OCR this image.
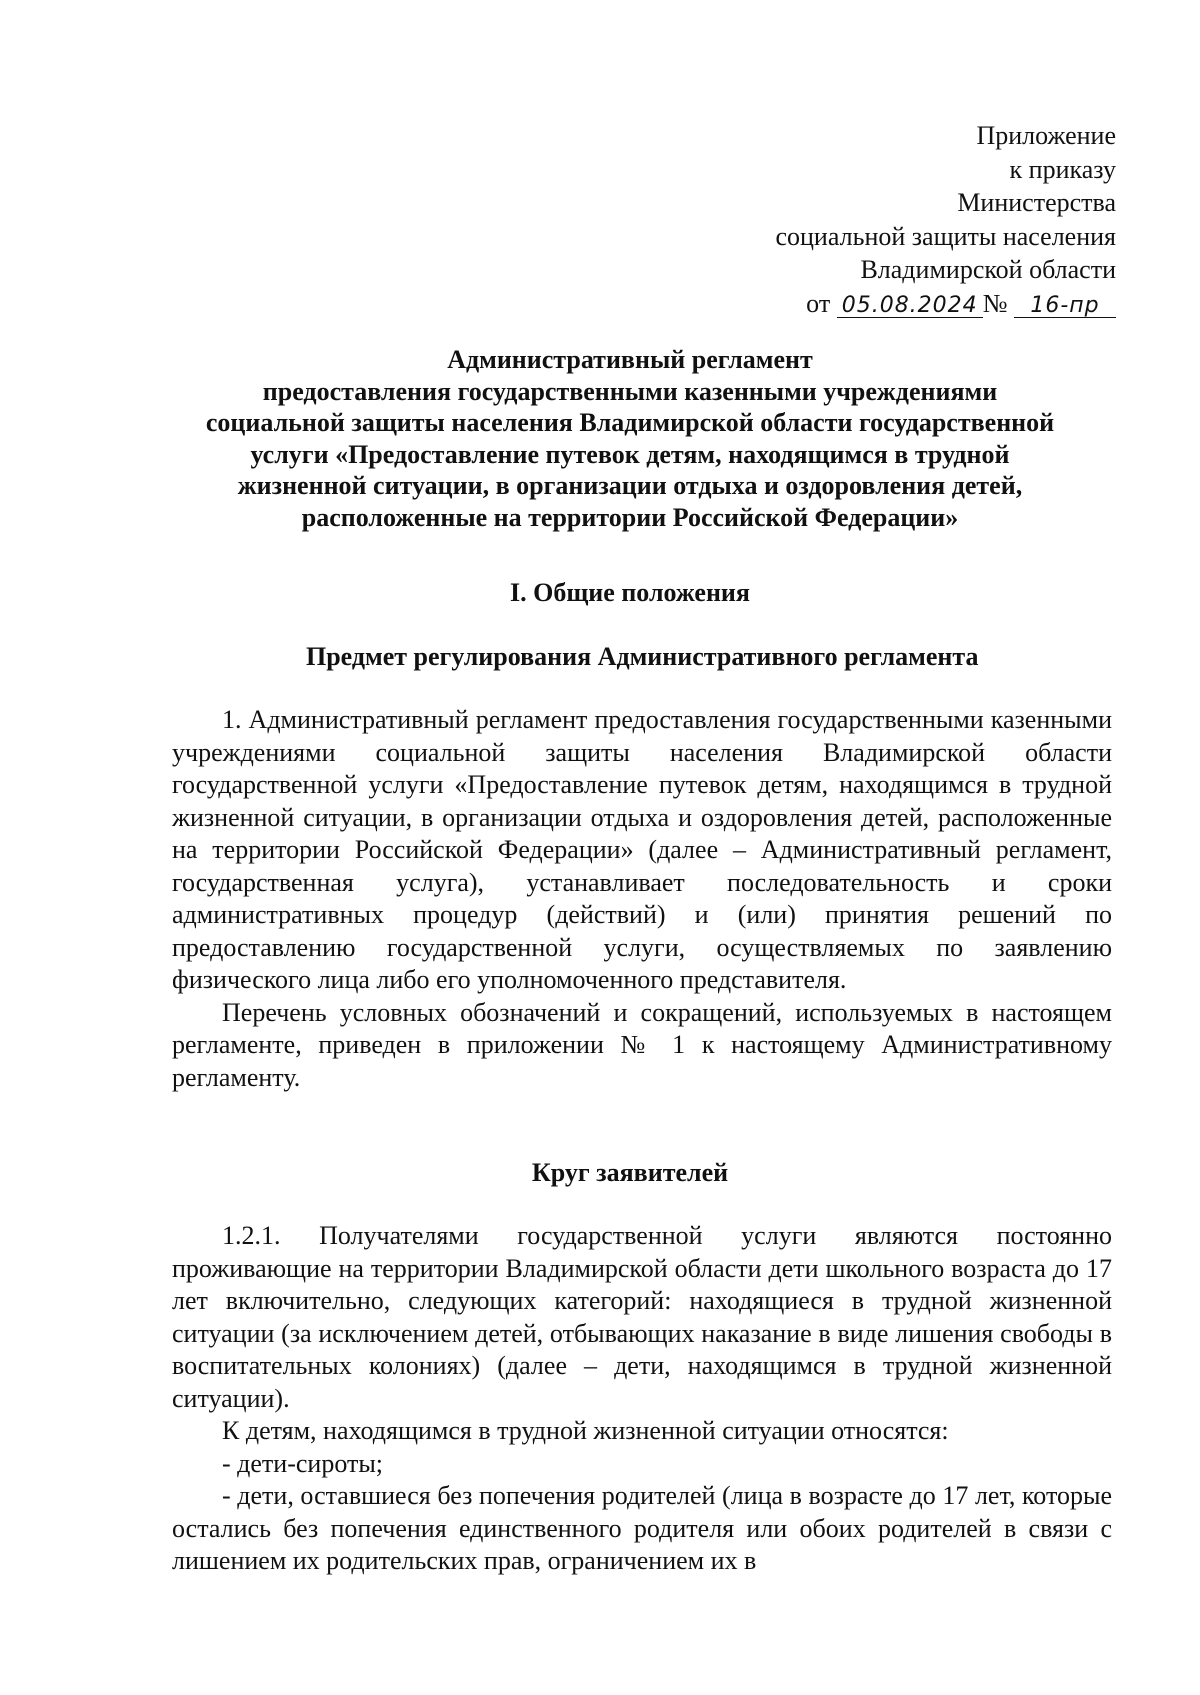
Приложение
к приказу
Министерства
социальной защиты населения
Владимирской области
от 05.08.2024 № 16-пр
Административный регламент
предоставления государственными казенными учреждениями
социальной защиты населения Владимирской области государственной
услуги «Предоставление путевок детям, находящимся в трудной
жизненной ситуации, в организации отдыха и оздоровления детей,
расположенные на территории Российской Федерации»
I. Общие положения
Предмет регулирования Административного регламента

1. Административный регламент предоставления государственными казенными учреждениями социальной защиты населения Владимирской области государственной услуги «Предоставление путевок детям, находящимся в трудной жизненной ситуации, в организации отдыха и оздоровления детей, расположенные на территории Российской Федерации» (далее – Административный регламент, государственная услуга), устанавливает последовательность и сроки административных процедур (действий) и (или) принятия решений по предоставлению государственной услуги, осуществляемых по заявлению физического лица либо его уполномоченного представителя.

Перечень условных обозначений и сокращений, используемых в настоящем регламенте, приведен в приложении № 1 к настоящему Административному регламенту.

Круг заявителей

1.2.1. Получателями государственной услуги являются постоянно проживающие на территории Владимирской области дети школьного возраста до 17 лет включительно, следующих категорий: находящиеся в трудной жизненной ситуации (за исключением детей, отбывающих наказание в виде лишения свободы в воспитательных колониях) (далее – дети, находящимся в трудной жизненной ситуации).

К детям, находящимся в трудной жизненной ситуации относятся:

- дети-сироты;

- дети, оставшиеся без попечения родителей (лица в возрасте до 17 лет, которые остались без попечения единственного родителя или обоих родителей в связи с лишением их родительских прав, ограничением их в
